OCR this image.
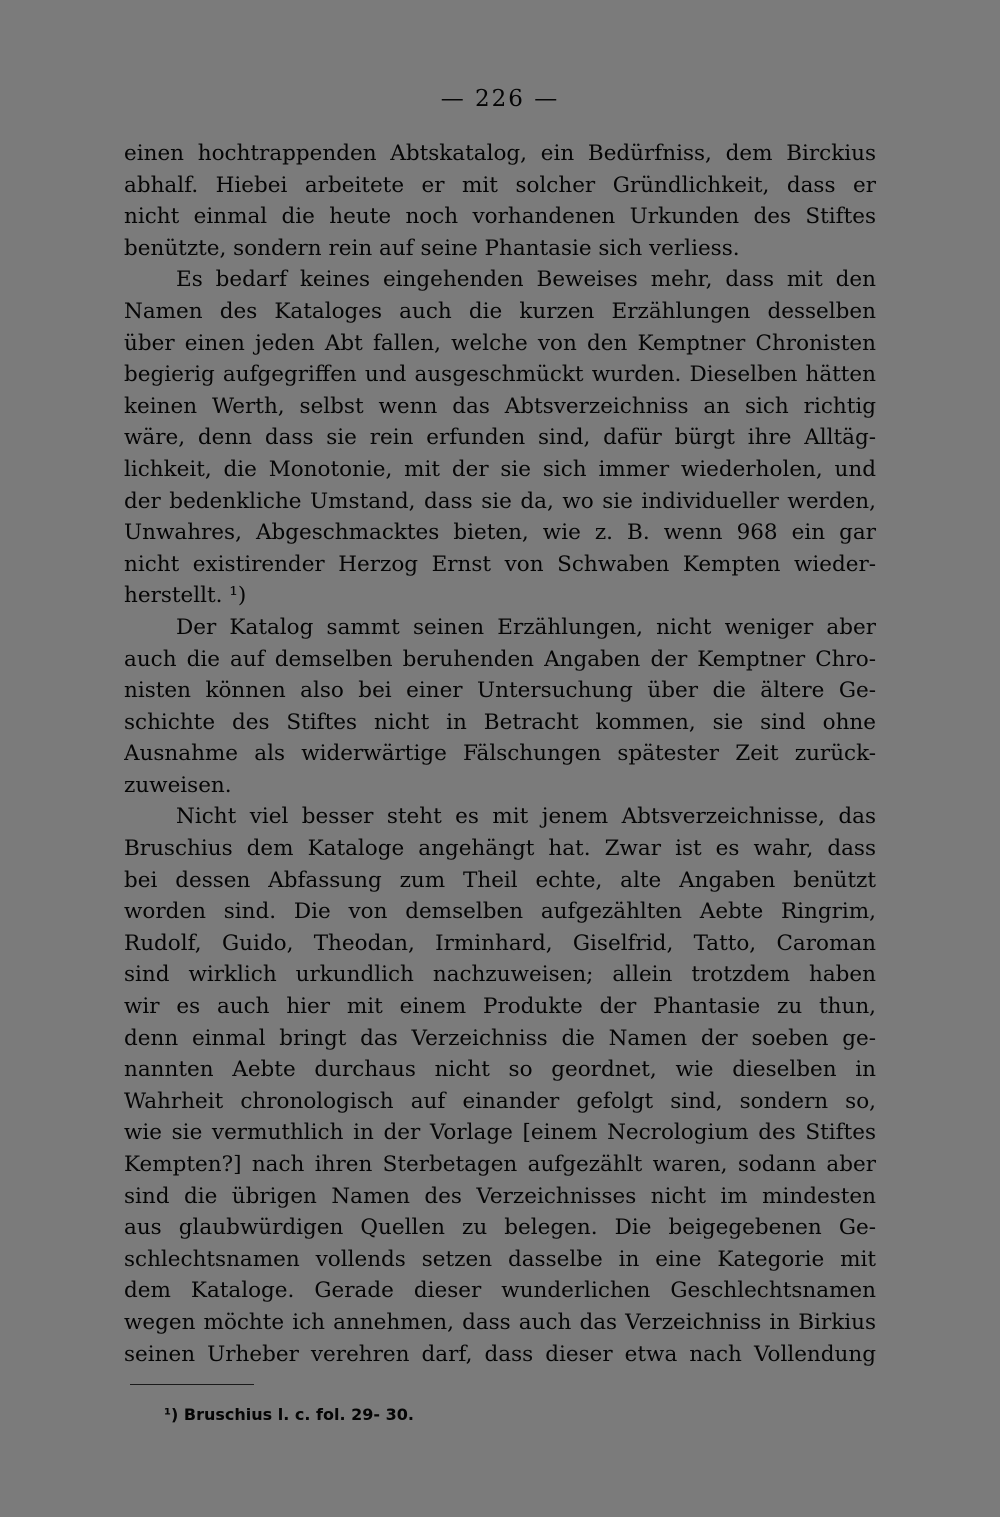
— 226 —
einen hochtrappenden Abtskatalog, ein Bedürfniss, dem Birckius
abhalf. Hiebei arbeitete er mit solcher Gründlichkeit, dass er
nicht einmal die heute noch vorhandenen Urkunden des Stiftes
benützte, sondern rein auf seine Phantasie sich verliess.
Es bedarf keines eingehenden Beweises mehr, dass mit den
Namen des Kataloges auch die kurzen Erzählungen desselben
über einen jeden Abt fallen, welche von den Kemptner Chronisten
begierig aufgegriffen und ausgeschmückt wurden. Dieselben hätten
keinen Werth, selbst wenn das Abtsverzeichniss an sich richtig
wäre, denn dass sie rein erfunden sind, dafür bürgt ihre Alltäg-
lichkeit, die Monotonie, mit der sie sich immer wiederholen, und
der bedenkliche Umstand, dass sie da, wo sie individueller werden,
Unwahres, Abgeschmacktes bieten, wie z. B. wenn 968 ein gar
nicht existirender Herzog Ernst von Schwaben Kempten wieder-
herstellt. ¹)
Der Katalog sammt seinen Erzählungen, nicht weniger aber
auch die auf demselben beruhenden Angaben der Kemptner Chro-
nisten können also bei einer Untersuchung über die ältere Ge-
schichte des Stiftes nicht in Betracht kommen, sie sind ohne
Ausnahme als widerwärtige Fälschungen spätester Zeit zurück-
zuweisen.
Nicht viel besser steht es mit jenem Abtsverzeichnisse, das
Bruschius dem Kataloge angehängt hat. Zwar ist es wahr, dass
bei dessen Abfassung zum Theil echte, alte Angaben benützt
worden sind. Die von demselben aufgezählten Aebte Ringrim,
Rudolf, Guido, Theodan, Irminhard, Giselfrid, Tatto, Caroman
sind wirklich urkundlich nachzuweisen; allein trotzdem haben
wir es auch hier mit einem Produkte der Phantasie zu thun,
denn einmal bringt das Verzeichniss die Namen der soeben ge-
nannten Aebte durchaus nicht so geordnet, wie dieselben in
Wahrheit chronologisch auf einander gefolgt sind, sondern so,
wie sie vermuthlich in der Vorlage [einem Necrologium des Stiftes
Kempten?] nach ihren Sterbetagen aufgezählt waren, sodann aber
sind die übrigen Namen des Verzeichnisses nicht im mindesten
aus glaubwürdigen Quellen zu belegen. Die beigegebenen Ge-
schlechtsnamen vollends setzen dasselbe in eine Kategorie mit
dem Kataloge. Gerade dieser wunderlichen Geschlechtsnamen
wegen möchte ich annehmen, dass auch das Verzeichniss in Birkius
seinen Urheber verehren darf, dass dieser etwa nach Vollendung
¹) Bruschius l. c. fol. 29- 30.
